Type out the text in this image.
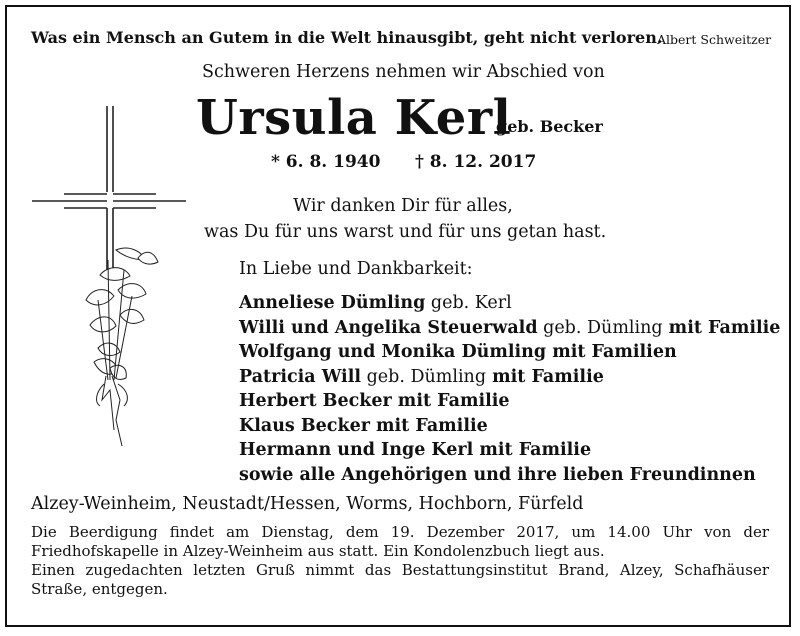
Was ein Mensch an Gutem in die Welt hinausgibt, geht nicht verloren.
Albert Schweitzer
Schweren Herzens nehmen wir Abschied von
Ursula Kerl
geb. Becker
* 6. 8. 1940 † 8. 12. 2017
Wir danken Dir für alles,
was Du für uns warst und für uns getan hast.
In Liebe und Dankbarkeit:
Anneliese Dümling geb. Kerl
Willi und Angelika Steuerwald geb. Dümling mit Familie
Wolfgang und Monika Dümling mit Familien
Patricia Will geb. Dümling mit Familie
Herbert Becker mit Familie
Klaus Becker mit Familie
Hermann und Inge Kerl mit Familie
sowie alle Angehörigen und ihre lieben Freundinnen
Alzey-Weinheim, Neustadt/Hessen, Worms, Hochborn, Fürfeld

Die Beerdigung findet am Dienstag, dem 19. Dezember 2017, um 14.00 Uhr von der Friedhofskapelle in Alzey-Weinheim aus statt. Ein Kondolenzbuch liegt aus.

Einen zugedachten letzten Gruß nimmt das Bestattungsinstitut Brand, Alzey, Schafhäuser Straße, entgegen.
